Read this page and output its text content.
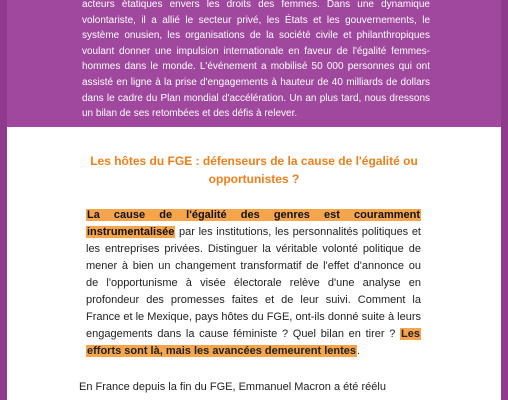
acteurs étatiques envers les droits des femmes. Dans une dynamique volontariste, il a allié le secteur privé, les États et les gouvernements, le système onusien, les organisations de la société civile et philanthropiques voulant donner une impulsion internationale en faveur de l'égalité femmes-hommes dans le monde. L'événement a mobilisé 50 000 personnes qui ont assisté en ligne à la prise d'engagements à hauteur de 40 milliards de dollars dans le cadre du Plan mondial d'accélération. Un an plus tard, nous dressons un bilan de ses retombées et des défis à relever.

Les hôtes du FGE : défenseurs de la cause de l'égalité ou opportunistes ?
La cause de l'égalité des genres est couramment instrumentalisée par les institutions, les personnalités politiques et les entreprises privées. Distinguer la véritable volonté politique de mener à bien un changement transformatif de l'effet d'annonce ou de l'opportunisme à visée électorale relève d'une analyse en profondeur des promesses faites et de leur suivi. Comment la France et le Mexique, pays hôtes du FGE, ont-ils donné suite à leurs engagements dans la cause féministe ? Quel bilan en tirer ? Les efforts sont là, mais les avancées demeurent lentes.
En France depuis la fin du FGE, Emmanuel Macron a été réélu
